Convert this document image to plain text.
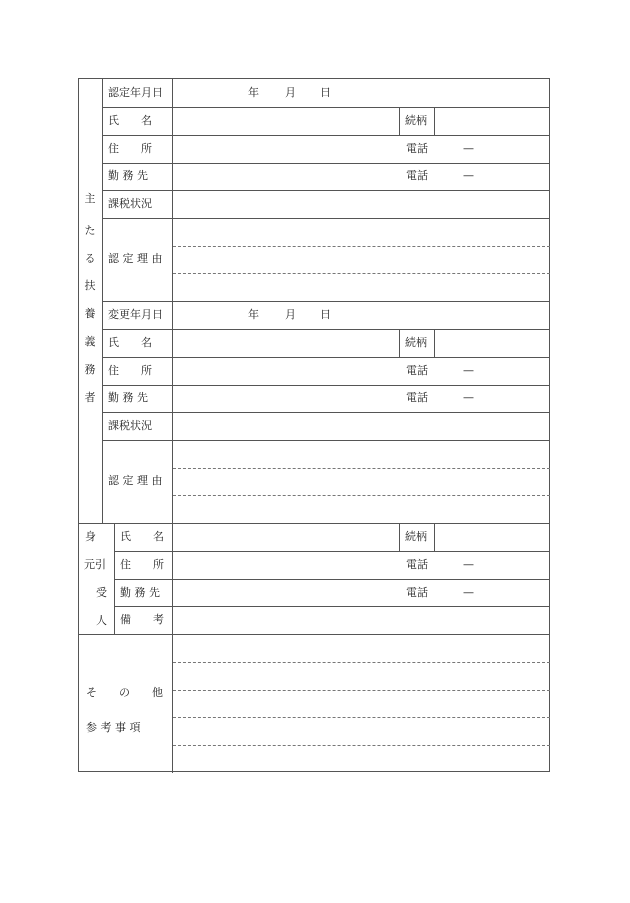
主
た
る
扶
養
義
務
者
認定年月日	年 月 日
氏　　名	続柄
住　　所	電話	—
勤 務 先	電話	—
課税状況
認 定 理 由
変更年月日	年 月 日
氏　　名	続柄
住　　所	電話	—
勤 務 先	電話	—
課税状況
認 定 理 由
身
元引
受
人
氏　　名	続柄
住　　所	電話	—
勤 務 先	電話	—
備　　考
そ　　の　　他
参 考 事 項
